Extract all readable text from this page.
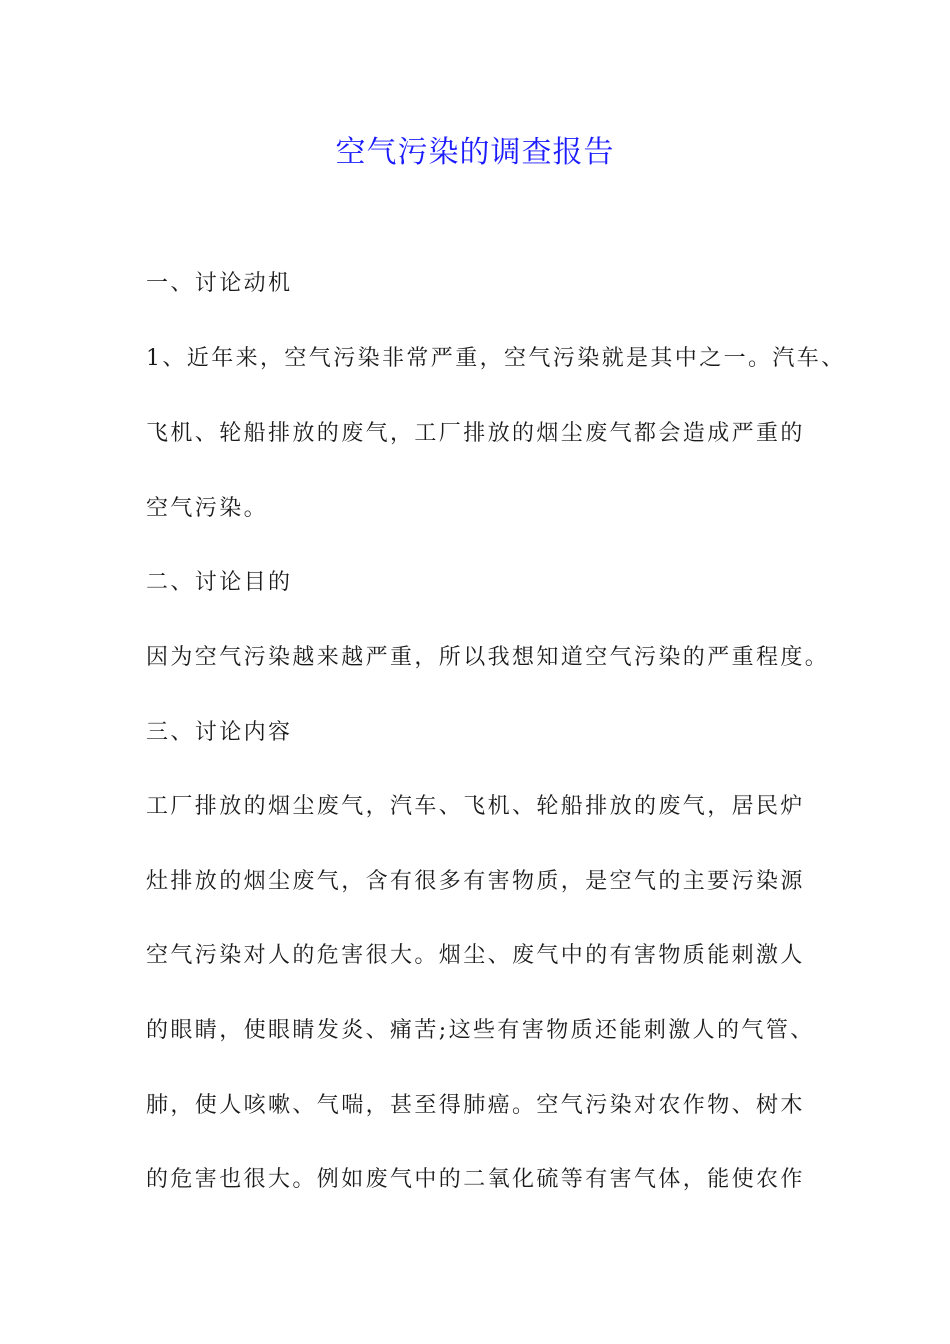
空气污染的调查报告
一、讨论动机
1、近年来，空气污染非常严重，空气污染就是其中之一。汽车、
飞机、轮船排放的废气，工厂排放的烟尘废气都会造成严重的
空气污染。
二、讨论目的
因为空气污染越来越严重，所以我想知道空气污染的严重程度。
三、讨论内容
工厂排放的烟尘废气，汽车、飞机、轮船排放的废气，居民炉
灶排放的烟尘废气，含有很多有害物质，是空气的主要污染源
空气污染对人的危害很大。烟尘、废气中的有害物质能刺激人
的眼睛，使眼睛发炎、痛苦;这些有害物质还能刺激人的气管、
肺，使人咳嗽、气喘，甚至得肺癌。空气污染对农作物、树木
的危害也很大。例如废气中的二氧化硫等有害气体，能使农作
